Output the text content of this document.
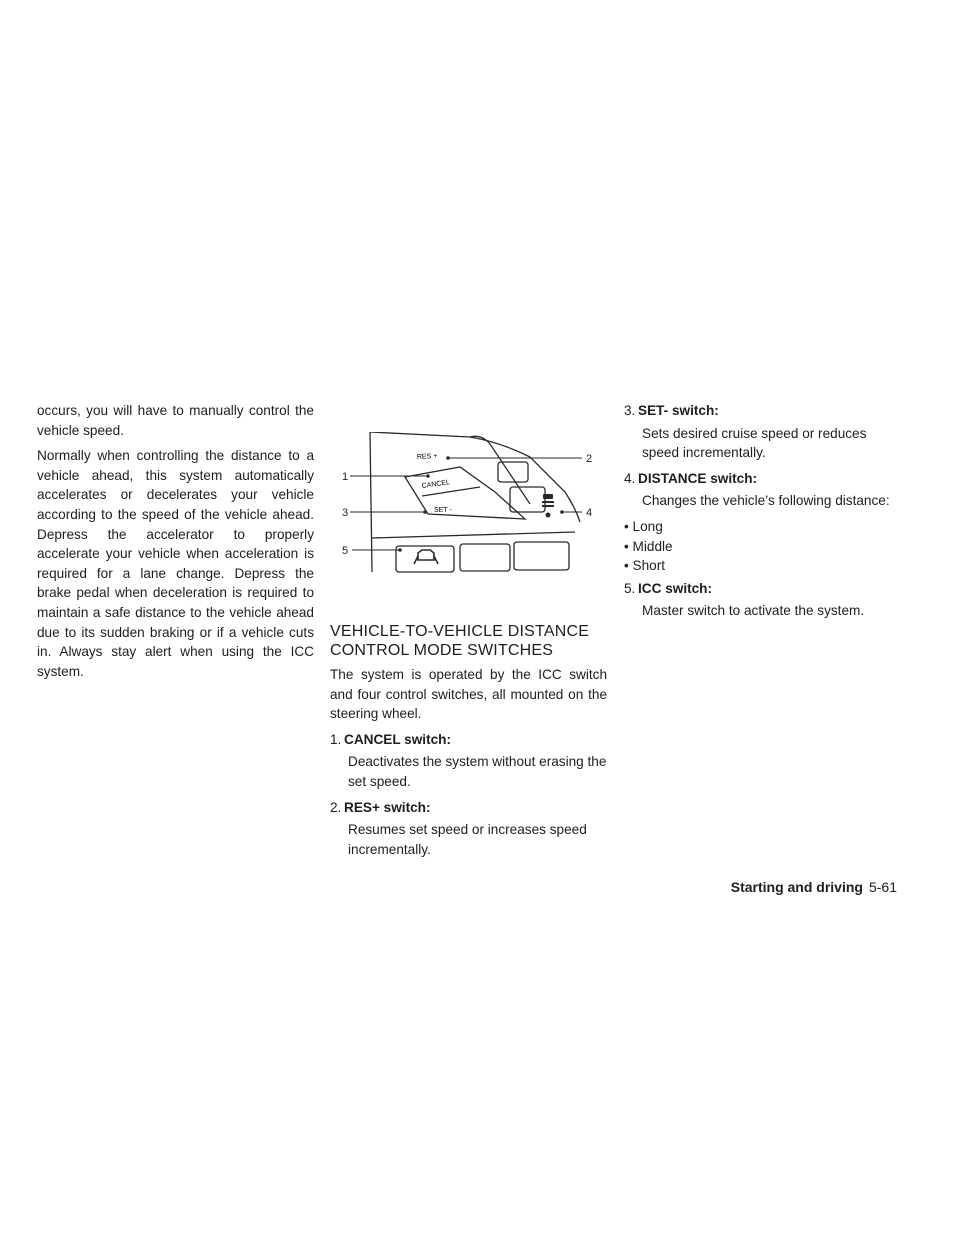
occurs, you will have to manually control the vehicle speed.

Normally when controlling the distance to a vehicle ahead, this system automatically accelerates or decelerates your vehicle according to the speed of the vehicle ahead. Depress the accelerator to properly accelerate your vehicle when acceleration is required for a lane change. Depress the brake pedal when deceleration is required to maintain a safe distance to the vehicle ahead due to its sudden braking or if a vehicle cuts in. Always stay alert when using the ICC system.

RES +
CANCEL
SET -
1
2
3	4
5
VEHICLE-TO-VEHICLE DISTANCE CONTROL MODE SWITCHES

The system is operated by the ICC switch and four control switches, all mounted on the steering wheel.

1. CANCEL switch:
Deactivates the system without erasing the set speed.
2. RES+ switch:
Resumes set speed or increases speed incrementally.
3. SET- switch:
Sets desired cruise speed or reduces speed incrementally.
4. DISTANCE switch:
Changes the vehicle’s following distance:
• Long
• Middle
• Short
5. ICC switch:
Master switch to activate the system.
Starting and driving 5-61
